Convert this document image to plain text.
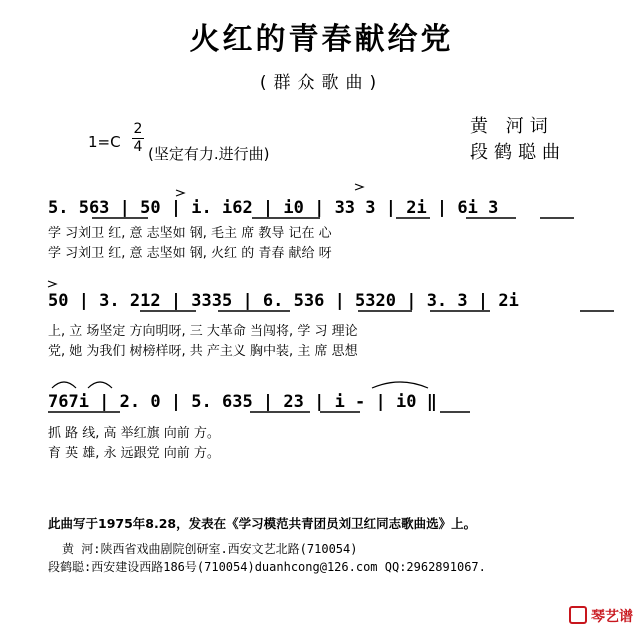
火红的青春献给党
(群众歌曲)
1=C
2
4 (坚定有力.进行曲)
黄 河词
段鹤聪曲
5. 563 | 50 | i. i62 | i0 | 33 3 | 2i | 6i 3
学 习刘卫 红, 意 志坚如 钢, 毛主 席 教导 记在 心
学 习刘卫 红, 意 志坚如 钢, 火红 的 青春 献给 呀
50 | 3. 212 | 3335 | 6. 536 | 5320 | 3. 3 | 2i
上, 立 场坚定 方向明呀, 三 大革命 当闯将, 学 习 理论
党, 她 为我们 树榜样呀, 共 产主义 胸中装, 主 席 思想
767i | 2. 0 | 5. 635 | 23 | i - | i0 ‖
抓 路 线, 高 举红旗 向前 方。
育 英 雄, 永 远跟党 向前 方。
此曲写于1975年8.28，发表在《学习模范共青团员刘卫红同志歌曲选》上。
黄 河:陕西省戏曲剧院创研室.西安文艺北路(710054)
段鹤聪:西安建设西路186号(710054)duanhcong@126.com QQ:2962891067.
琴艺谱
